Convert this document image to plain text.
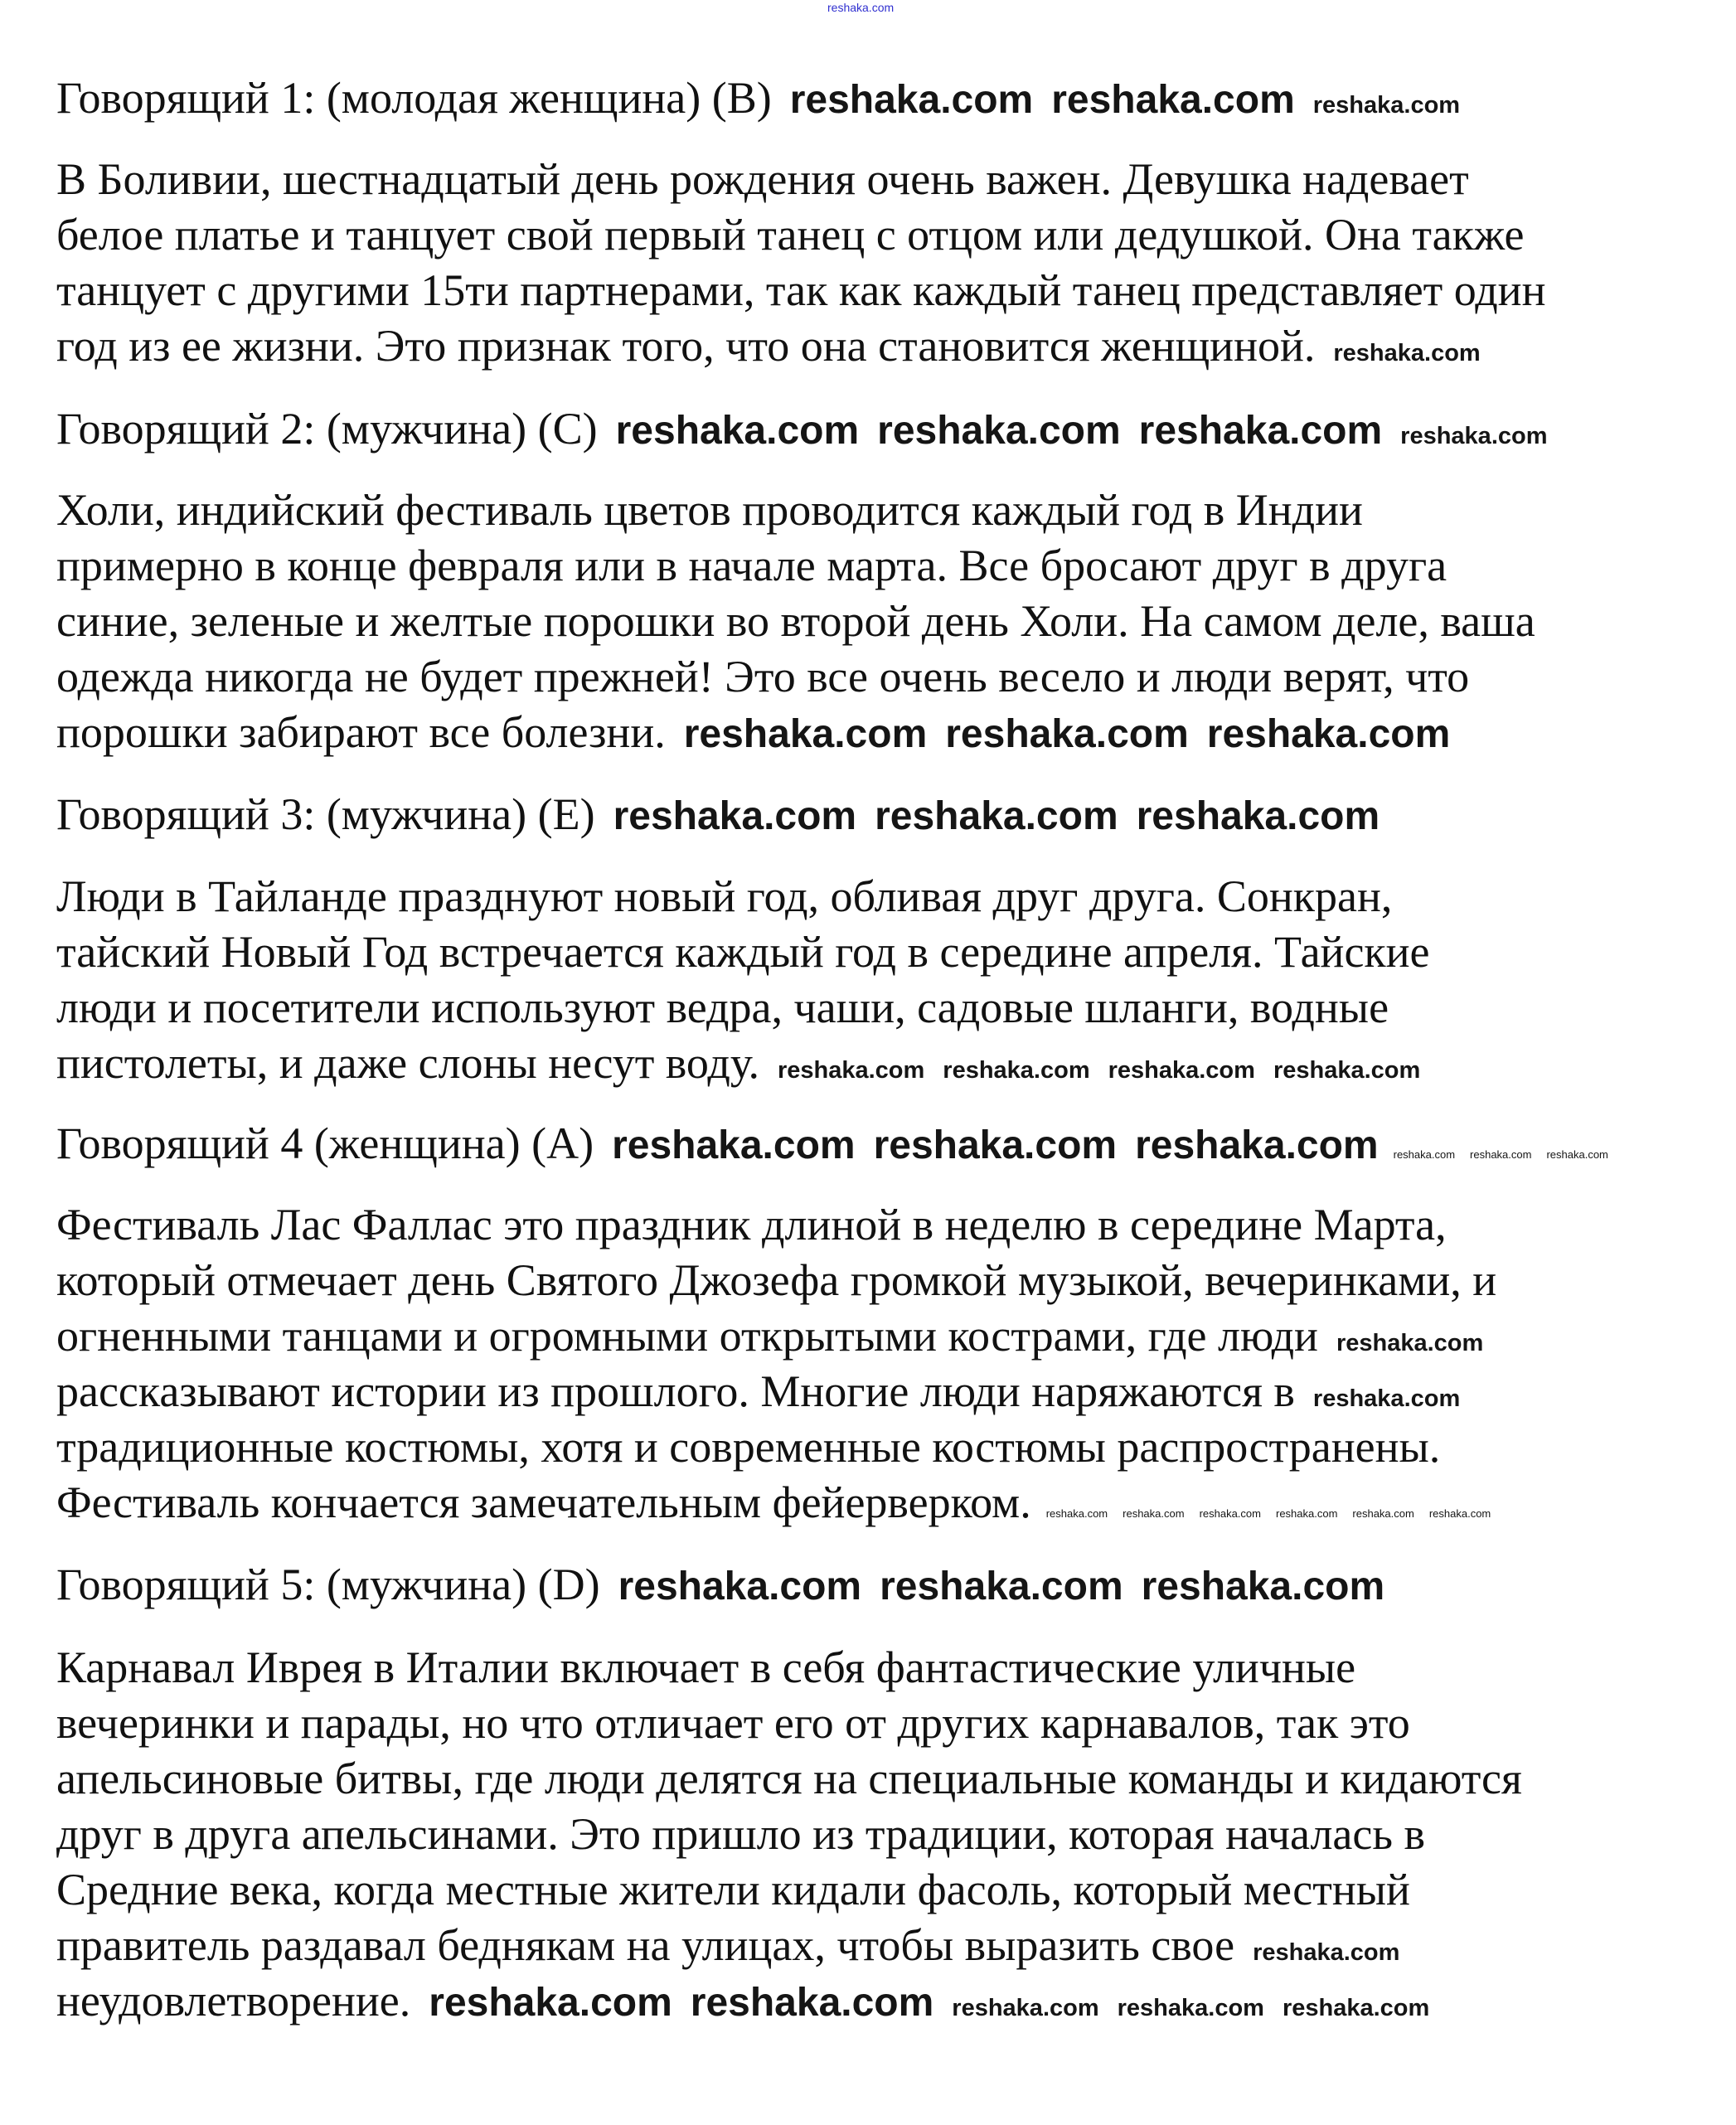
reshaka.com
Говорящий 1: (молодая женщина) (B) reshaka.com reshaka.com reshaka.com
В Боливии, шестнадцатый день рождения очень важен. Девушка надевает
белое платье и танцует свой первый танец с отцом или дедушкой. Она также
танцует с другими 15ти партнерами, так как каждый танец представляет один
год из ее жизни. Это признак того, что она становится женщиной. reshaka.com
Говорящий 2: (мужчина) (C) reshaka.com reshaka.com reshaka.com reshaka.com
Холи, индийский фестиваль цветов проводится каждый год в Индии
примерно в конце февраля или в начале марта. Все бросают друг в друга
синие, зеленые и желтые порошки во второй день Холи. На самом деле, ваша
одежда никогда не будет прежней! Это все очень весело и люди верят, что
порошки забирают все болезни. reshaka.com reshaka.com reshaka.com
Говорящий 3: (мужчина) (E) reshaka.com reshaka.com reshaka.com
Люди в Тайланде празднуют новый год, обливая друг друга. Сонкран,
тайский Новый Год встречается каждый год в середине апреля. Тайские
люди и посетители используют ведра, чаши, садовые шланги, водные
пистолеты, и даже слоны несут воду. reshaka.com reshaka.com reshaka.com reshaka.com
Говорящий 4 (женщина) (A) reshaka.com reshaka.com reshaka.com reshaka.com reshaka.com reshaka.com
Фестиваль Лас Фаллас это праздник длиной в неделю в середине Марта,
который отмечает день Святого Джозефа громкой музыкой, вечеринками, и
огненными танцами и огромными открытыми кострами, где люди reshaka.com
рассказывают истории из прошлого. Многие люди наряжаются в reshaka.com
традиционные костюмы, хотя и современные костюмы распространены.
Фестиваль кончается замечательным фейерверком. reshaka.com reshaka.com reshaka.com reshaka.com reshaka.com reshaka.com
Говорящий 5: (мужчина) (D) reshaka.com reshaka.com reshaka.com
Карнавал Иврея в Италии включает в себя фантастические уличные
вечеринки и парады, но что отличает его от других карнавалов, так это
апельсиновые битвы, где люди делятся на специальные команды и кидаются
друг в друга апельсинами. Это пришло из традиции, которая началась в
Средние века, когда местные жители кидали фасоль, который местный
правитель раздавал беднякам на улицах, чтобы выразить свое reshaka.com
неудовлетворение. reshaka.com reshaka.com reshaka.com reshaka.com reshaka.com
